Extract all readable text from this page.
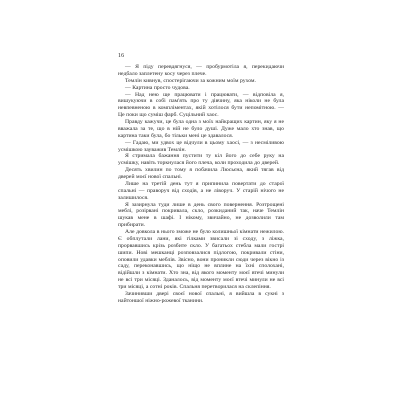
16

— Я піду перевдягнуся, — пробурмотіла я, перекидаючи недбало заплетену косу через плече.

Темлін кивнув, спостерігаючи за кожним моїм рухом.

— Картина просто чудова.

— Над нею ще працювати і працювати, — відповіла я, вишукуючи в собі пам'ять про ту дівчину, яка ніколи не була невпевненою в компліментах, якій хотілося бути непомітною. — Це поки що суміш фарб. Суцільний хаос.

Правду кажучи, це була одна з моїх найкращих картин, яку я не вважала за те, що в ній не було душі. Дуже мало хто знав, що картина таки була, бо тільки мені це здавалося.

— Гадаю, ми удвох це відчули в цьому хаосі, — з несміливою усмішкою зауважив Темлін.

Я стримала бажання пустити ту кіл його до себе руку на усмішку, навіть торкнулася його плеча, коли проходила до дверей.

Десять хвилин по тому я побачила Люсьєна, який тягав від дверей моєї нової спальні.

Лише на третій день тут я припинила повертати до старої спальні — праворуч від сходів, а не ліворуч. У старій нічого не залишилося.

Я зазирнула туди лише в день свого повернення. Розтрощені меблі, розірвані покривала, скло, розкиданий так, наче Темлін шукав мене в шафі. І нікому, звичайно, не дозволили там прибирати.

Але довкола в нього зможе не було колишньої кімнати нежилою. Є обплутали лани, які гілками звисали зі сходу, з ліжка, прорвавшись крізь розбите скло. У багатьох стебла мали гострі шипи. Нові мешканці розповзалися підлогою, покривали стіни, оповили удавки меблів. Звісно, вони проникли сюди через вікно із саду, переконавшись, що ніщо не вплине на їхні сполохані, відійшли з кімнати. Хто зна, від якого моменту моєї втечі минули не всі три місяці. Зданалось, від моменту моєї втечі минули не всі три місяці, а сотні років. Спальня перетворилася на склепіння.

Зачинивши двері своєї нової спальні, я вийшла в сукні з найтоншої ніжно-рожевої тканини.
